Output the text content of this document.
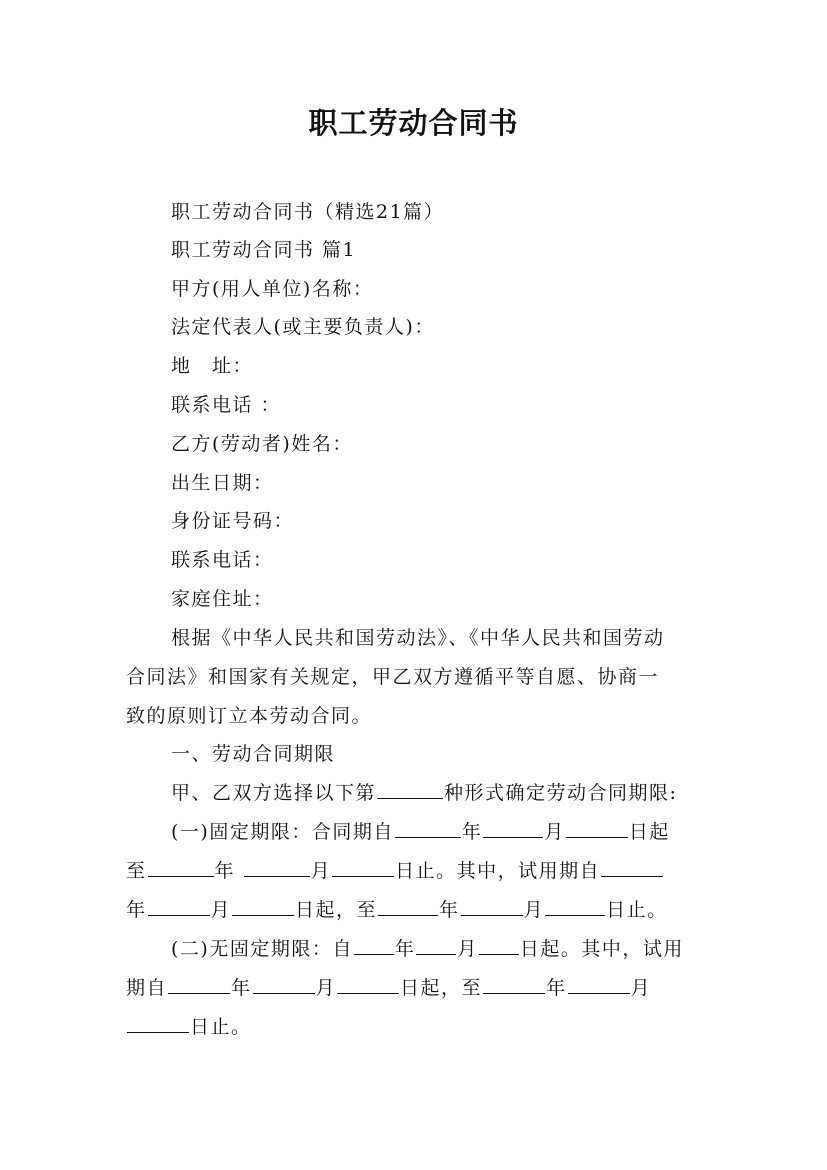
职工劳动合同书
职工劳动合同书（精选21篇）
职工劳动合同书 篇1
甲方(用人单位)名称：
法定代表人(或主要负责人)：
地　址：
联系电话 ：
乙方(劳动者)姓名：
出生日期：
身份证号码：
联系电话：
家庭住址：
根据《中华人民共和国劳动法》、《中华人民共和国劳动
合同法》和国家有关规定，甲乙双方遵循平等自愿、协商一
致的原则订立本劳动合同。
一、劳动合同期限
甲、乙双方选择以下第	种形式确定劳动合同期限:
(一)固定期限：合同期自	年	月	日起
至	年	月	日止。其中，试用期自
年	月	日起，至	年	月	日止。
(二)无固定期限：自 年 月 日起。其中，试用
期自	年	月	日起，至	年	月
日止。
